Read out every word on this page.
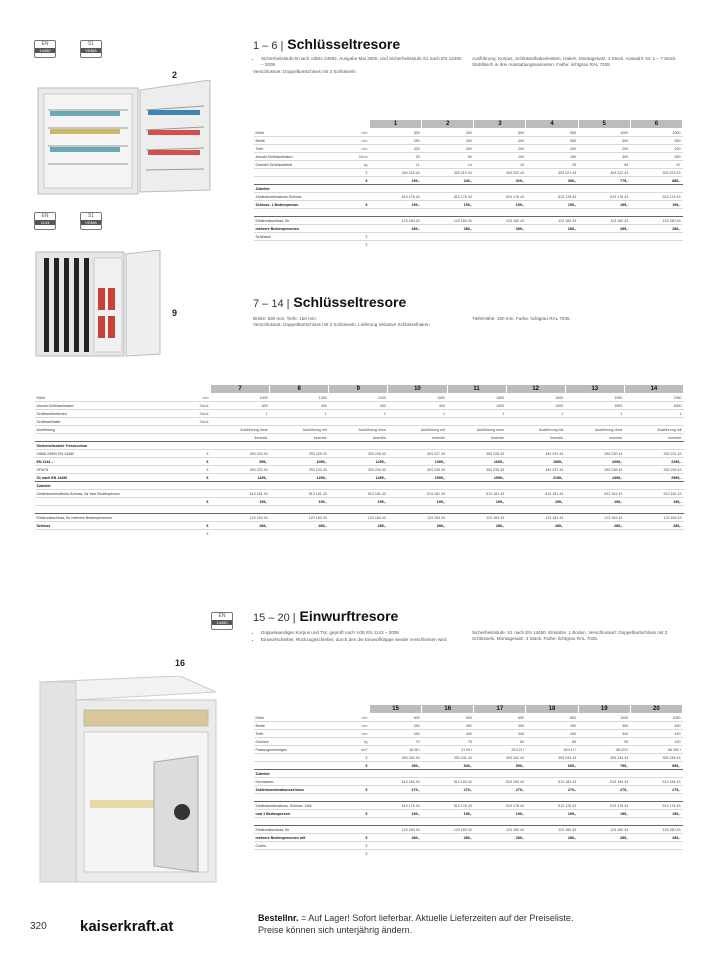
EN
14450
S1
VDMA
EN
1143
S1
VDMA
EN
14450
2
9
16
1 – 6 | Schlüsseltresore
• Sicherheitsstufe B nach VdMA 24992, Ausgabe Mai 2000, und Sicherheitsstufe S1 nach EN 14450 – 2005
Verschlussart: Doppelbartschloss mit 2 Schlüsseln
Ausführung: Korpus, Schlüsselhakenleisten, Haken. Montagesatz: 4 Stück. Auswahl: Nr. 1 – 7 Stück. Stahlblech in drei Ausstattungsvarianten. Farbe: lichtgrau RAL 7035.
		1	2	3	4	5	6
Höhe	mm	300	400	550	550	1000	1000
Breite	mm	250	330	400	550	550	550
Tiefe	mm	200	200	200	200	200	200
Anzahl Schlüsselhaken	Stück	25	50	100	150	300	500
Gewicht Schlüsselbrett	kg	11	14	19	25	54	67
	€	393 218 43	393 219 43	393 220 43	393 221 43	393 222 43	393 223 43
	€	199,-	249,-	329,-	399,-	779,-	889,-
Zubehör							
Zahlenkombinations-Schloss		513 178 43	513 178 43	513 178 43	513 178 43	513 178 43	513 178 43
Schloss: 1 Bedienperson	€	199,-	199,-	199,-	199,-	199,-	199,-

Elektronikschloss, für		123 160 43	123 160 43	123 160 43	123 160 43	123 160 43	123 160 43
mehrere Bedienpersonen		289,-	289,-	289,-	289,-	289,-	289,-
Schlüssel	€						
	€						
7 – 14 | Schlüsseltresore
Breite: 830 mm, Tiefe: 150 mm
Verschlussart: Doppelbartschloss mit 2 Schlüsseln, Lieferung inklusive Schlüsselhaken
Tiefe/Höhe: 150 mm. Farbe: lichtgrau RAL 7035.
		7	8	9	10	11	12	13	14
Höhe	mm	1000	1000	1000	1000	1500	1500	1950	1950
Anzahl Schlüsselhaken	Stück	400	400	400	400	1000	1000	1500	1500
Schlüsselbrettchen	Stück	1	1	1	1	1	1	1	1
Schlüsselhalter	Stück								
Ausführung		Ausführung ohne	Ausführung mit	Ausführung ohne	Ausführung mit	Ausführung ohne	Ausführung mit	Ausführung ohne	Ausführung mit
		Innentür	Innentür	Innentür	Innentür	Innentür	Innentür	Innentür	Innentür
Sicherheitsstufe Tresorcolour									
VdMA 24992 EN 14450	€	393 224 43	393 225 43	393 226 43	393 227 43	393 228 43	393 229 43	393 230 43	393 231 43
EN 1143 –	€	999,-	1099,-	1299,-	1399,-	1699,-	1899,-	2099,-	2299,-
SFW B	€	393 232 43	393 233 43	393 234 43	393 235 43	393 236 43	393 237 43	393 238 43	393 239 43
S1 nach EN 14450	€	1199,-	1299,-	1499,-	1599,-	1999,-	2199,-	2399,-	2599,-
Zubehör									
Zahlenkombinations-Schloss, für eine Bedienperson		513 181 43	513 181 43	513 181 43	513 181 43	513 181 43	513 181 43	513 181 43	513 181 43
	€	199,-	199,-	199,-	199,-	199,-	199,-	199,-	199,-

Elektronikschloss, für mehrere Bedienpersonen		123 163 43	123 163 43	123 163 43	123 163 43	123 163 43	123 163 43	123 163 43	123 163 43
Schloss	€	289,-	289,-	289,-	289,-	289,-	289,-	289,-	289,-
	€								
15 – 20 | Einwurftresore
• Doppelwandiger Korpus und Tür, geprüft nach VdS EN 1143 – 2006
• Einwurfschieber, Rückzugsschieber, durch den die Einwurfklappe wieder verschlossen wird
Sicherheitsstufe: S1 nach EN 14450. Einsätze: 1 Boden. Verschlussart: Doppelbartschloss mit 2 Schlüsseln. Montagesatz: 4 Stück. Farbe: lichtgrau RAL 7035.
		15	16	17	18	19	20
Höhe	mm	500	600	650	850	1000	1050
Breite	mm	450	450	450	450	450	450
Tiefe	mm	440	440	440	440	440	440
Gewicht	kg	70	75	80	85	95	100
Fassungsvermögen	dm³	18 l/6 l	21 l/9 l	25 l/13 l	38 l/17 l	48 l/23 l	56 l/30 l
	€	393 240 43	393 241 43	393 242 43	393 243 43	393 244 43	393 245 43
	€	499,-	549,-	599,-	699,-	799,-	899,-
Zubehör							
Hochsicher-		513 184 43	513 184 43	513 184 43	513 184 43	513 184 43	513 184 43
Zahlenkombinationsschloss	€	279,-	279,-	279,-	279,-	279,-	279,-

Zahlenkombinations- Schloss, Zahl		513 178 43	513 178 43	513 178 43	513 178 43	513 178 43	513 178 43
und 1 Bedienperson	€	199,-	199,-	199,-	199,-	199,-	199,-

Elektronikschloss, für		123 160 43	123 160 43	123 160 43	123 160 43	123 160 43	123 160 43
mehrere Bedienpersonen mit	€	289,-	289,-	289,-	289,-	289,-	289,-
Codes	€						
	€						
320 kaiserkraft.at	Bestellnr. = Auf Lager! Sofort lieferbar. Aktuelle Lieferzeiten auf der Preiseliste. Preise können sich unterjährig ändern.
